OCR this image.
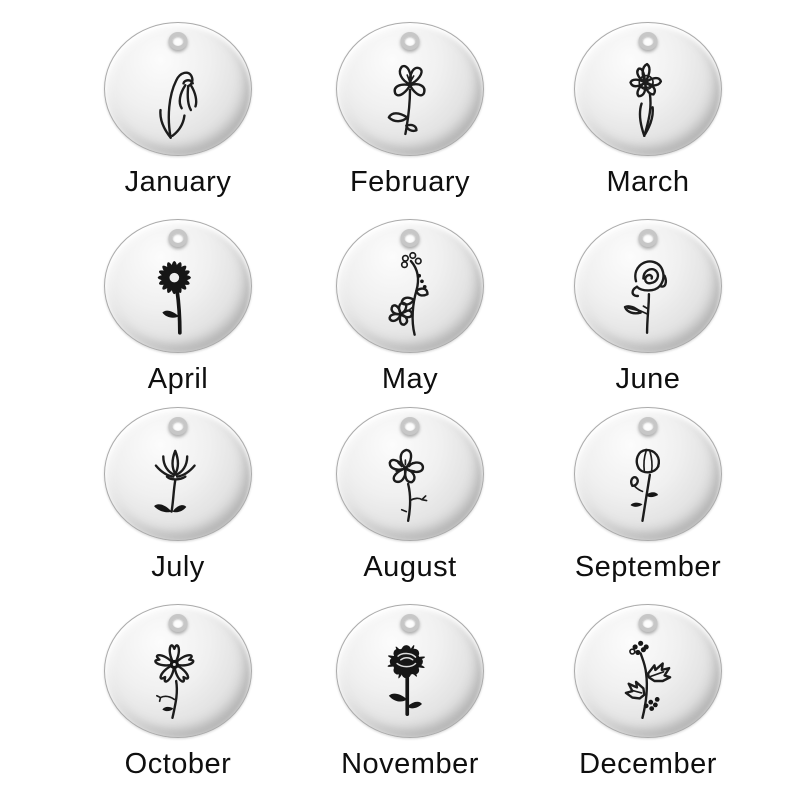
January	February	March
April	May	June
July	August	September
October	November	December
